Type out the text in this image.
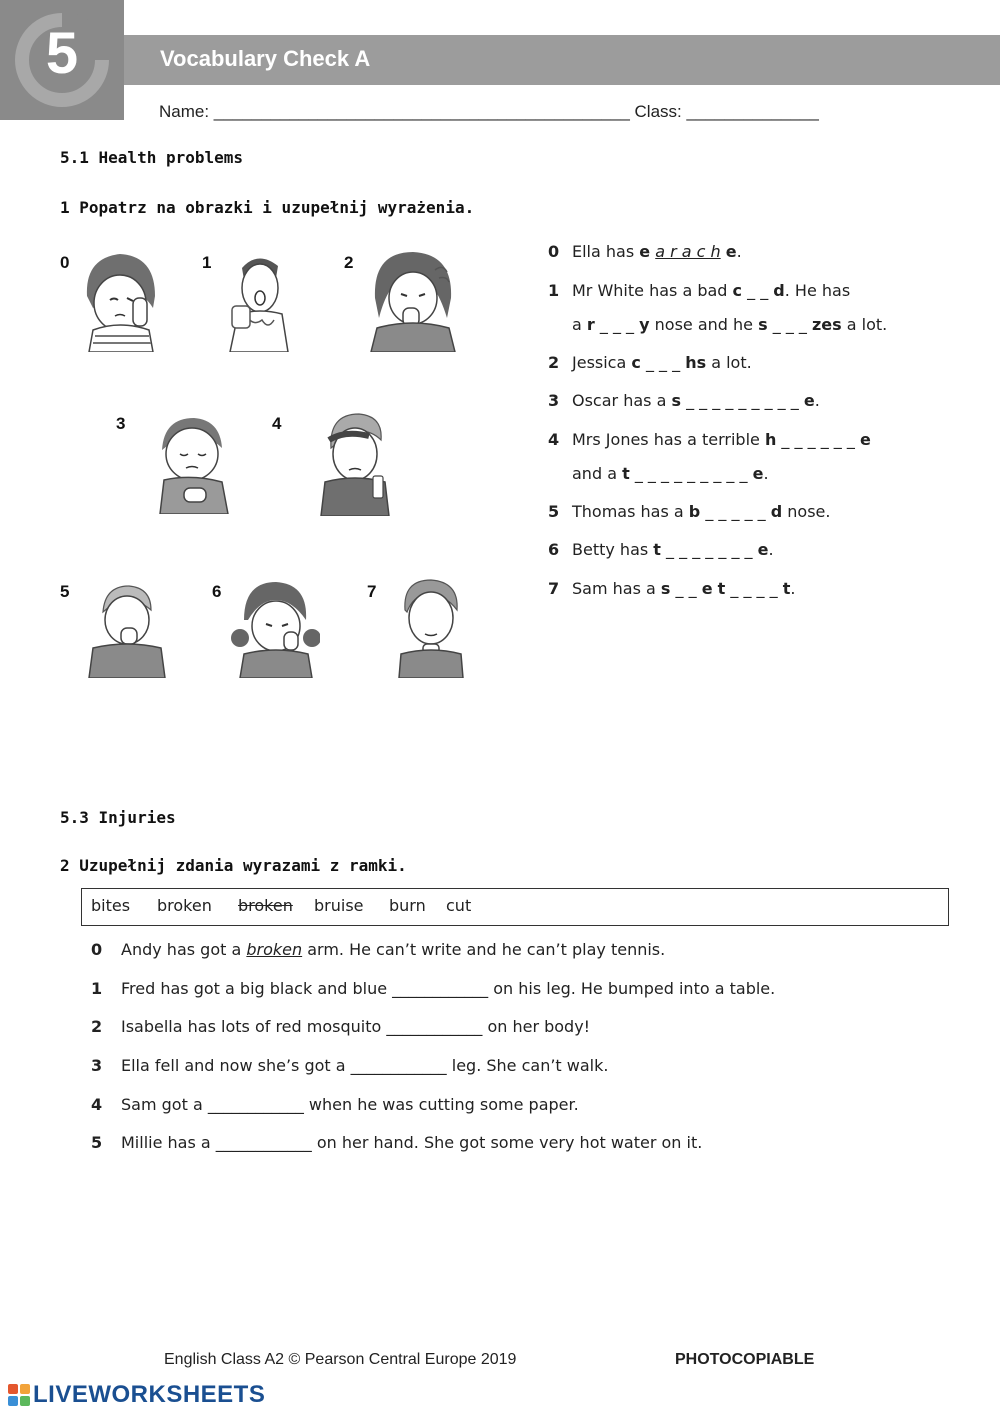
5	Vocabulary Check A
Name: ____________________________________________ Class: ______________
5.1 Health problems
1 Popatrz na obrazki i uzupełnij wyrażenia.
0	1	2
3	4
5	6	7
0 Ella has e a r a c h e.
1 Mr White has a bad c _ _ d. He has
a r _ _ _ y nose and he s _ _ _ zes a lot.
2 Jessica c _ _ _ hs a lot.
3 Oscar has a s _ _ _ _ _ _ _ _ _ e.
4 Mrs Jones has a terrible h _ _ _ _ _ _ e
and a t _ _ _ _ _ _ _ _ _ e.
5 Thomas has a b _ _ _ _ _ d nose.
6 Betty has t _ _ _ _ _ _ _ e.
7 Sam has a s _ _ e t _ _ _ _ t.
5.3 Injuries
2 Uzupełnij zdania wyrazami z ramki.
bites broken broken bruise burn cut
0 Andy has got a broken arm. He can’t write and he can’t play tennis.
1 Fred has got a big black and blue ____________ on his leg. He bumped into a table.
2 Isabella has lots of red mosquito ____________ on her body!
3 Ella fell and now she’s got a ____________ leg. She can’t walk.
4 Sam got a ____________ when he was cutting some paper.
5 Millie has a ____________ on her hand. She got some very hot water on it.
English Class A2 © Pearson Central Europe 2019	PHOTOCOPIABLE
LIVEWORKSHEETS
